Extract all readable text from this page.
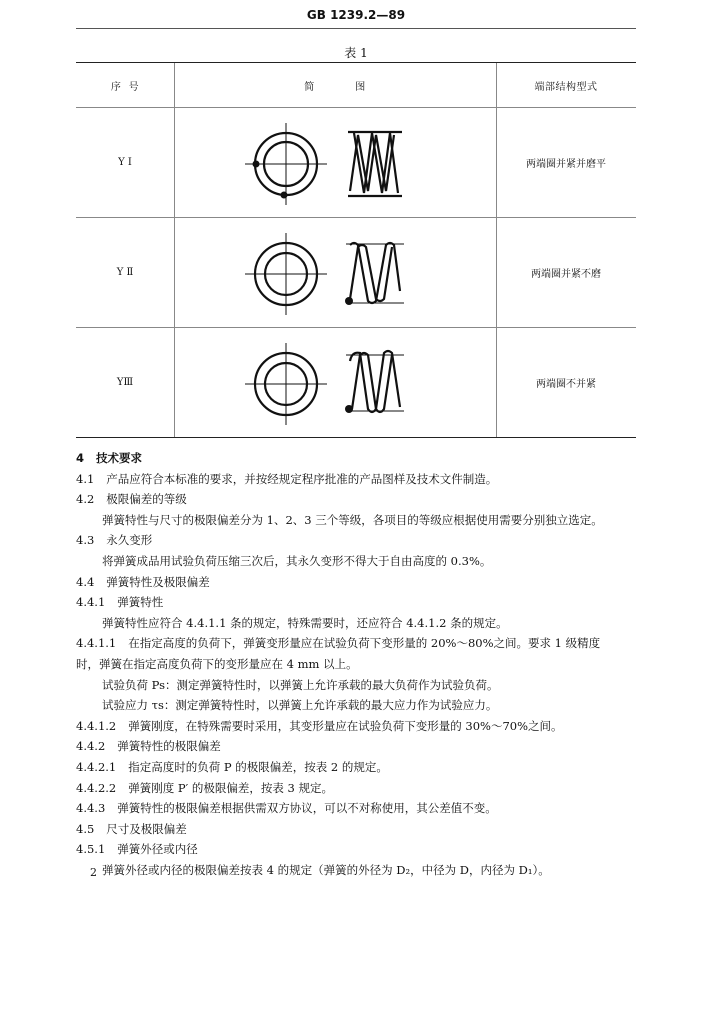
GB 1239.2—89
表 1
序  号	简           图	端部结构型式
Y Ⅰ	两端圈并紧并磨平
Y Ⅱ	两端圈并紧不磨
YⅢ	两端圈不并紧
4 技术要求
4.1 产品应符合本标准的要求，并按经规定程序批准的产品图样及技术文件制造。
4.2 极限偏差的等级
弹簧特性与尺寸的极限偏差分为 1、2、3 三个等级，各项目的等级应根据使用需要分别独立选定。
4.3 永久变形
将弹簧成品用试验负荷压缩三次后，其永久变形不得大于自由高度的 0.3%。
4.4 弹簧特性及极限偏差
4.4.1 弹簧特性
弹簧特性应符合 4.4.1.1 条的规定，特殊需要时，还应符合 4.4.1.2 条的规定。
4.4.1.1 在指定高度的负荷下，弹簧变形量应在试验负荷下变形量的 20%～80%之间。要求 1 级精度
时，弹簧在指定高度负荷下的变形量应在 4 mm 以上。
试验负荷 Ps：测定弹簧特性时，以弹簧上允许承载的最大负荷作为试验负荷。
试验应力 τs：测定弹簧特性时，以弹簧上允许承载的最大应力作为试验应力。
4.4.1.2 弹簧刚度，在特殊需要时采用，其变形量应在试验负荷下变形量的 30%～70%之间。
4.4.2 弹簧特性的极限偏差
4.4.2.1 指定高度时的负荷 P 的极限偏差，按表 2 的规定。
4.4.2.2 弹簧刚度 P′ 的极限偏差，按表 3 规定。
4.4.3 弹簧特性的极限偏差根据供需双方协议，可以不对称使用，其公差值不变。
4.5 尺寸及极限偏差
4.5.1 弹簧外径或内径
弹簧外径或内径的极限偏差按表 4 的规定（弹簧的外径为 D₂，中径为 D，内径为 D₁）。
2
